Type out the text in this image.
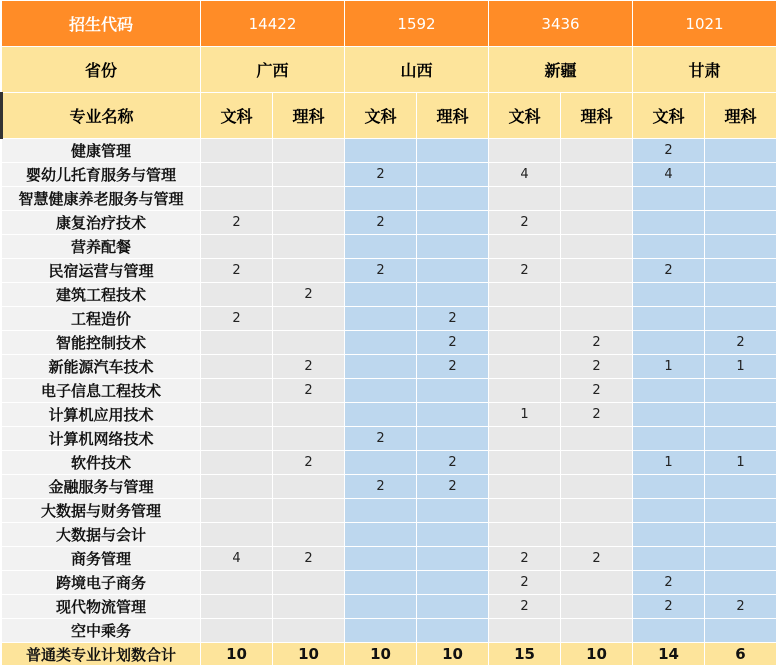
招生代码	14422		1592		3436		1021	
省份	广西		山西		新疆		甘肃	
专业名称	文科	理科	文科	理科	文科	理科	文科	理科
健康管理							2	
婴幼儿托育服务与管理			2		4		4	
智慧健康养老服务与管理								
康复治疗技术	2		2		2			
营养配餐								
民宿运营与管理	2		2		2		2	
建筑工程技术		2						
工程造价	2			2				
智能控制技术				2		2		2
新能源汽车技术		2		2		2	1	1
电子信息工程技术		2				2		
计算机应用技术					1	2		
计算机网络技术			2					
软件技术		2		2			1	1
金融服务与管理			2	2				
大数据与财务管理								
大数据与会计								
商务管理	4	2			2	2		
跨境电子商务					2		2	
现代物流管理					2		2	2
空中乘务								
普通类专业计划数合计	10	10	10	10	15	10	14	6
